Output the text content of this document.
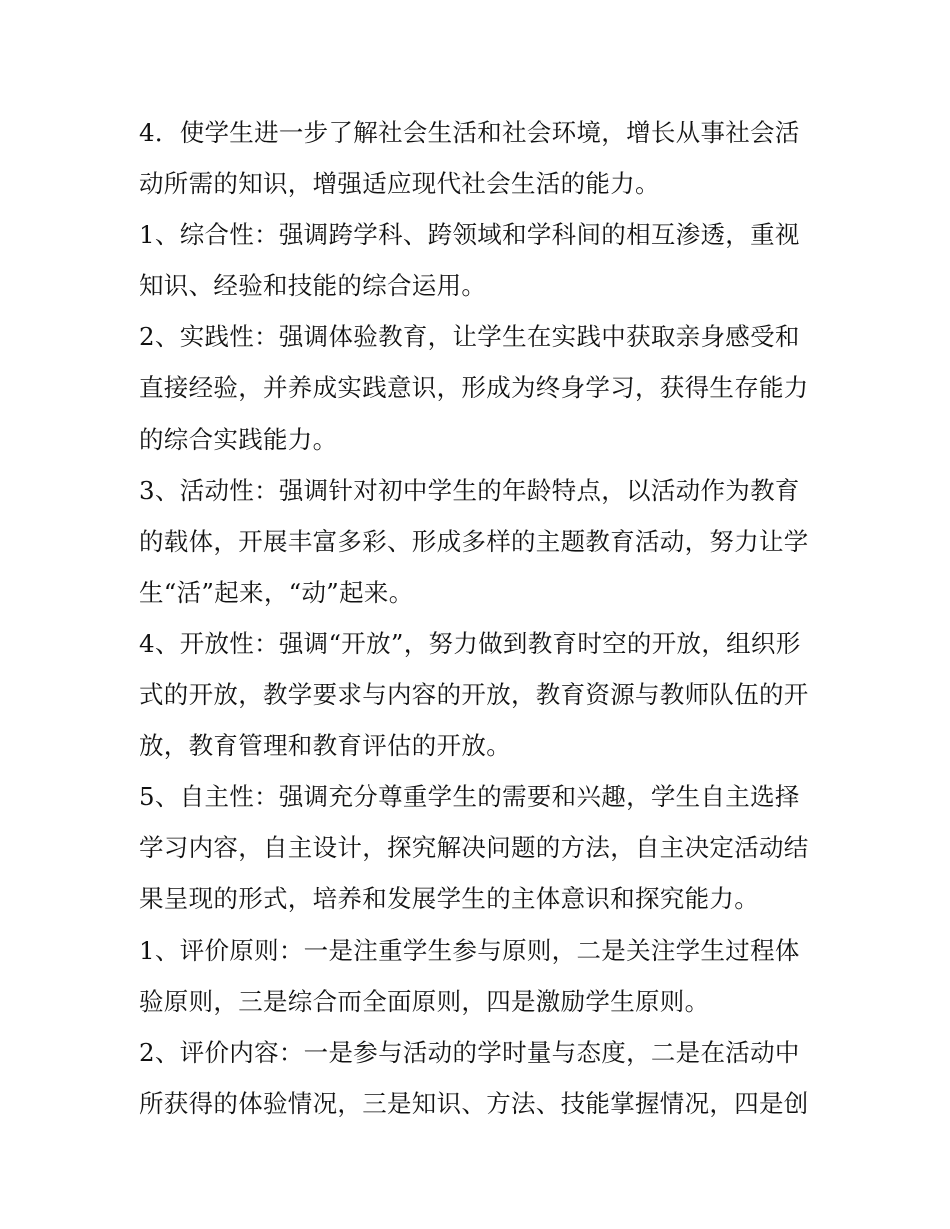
4．使学生进一步了解社会生活和社会环境，增长从事社会活动所需的知识，增强适应现代社会生活的能力。

1、综合性：强调跨学科、跨领域和学科间的相互渗透，重视知识、经验和技能的综合运用。

2、实践性：强调体验教育，让学生在实践中获取亲身感受和直接经验，并养成实践意识，形成为终身学习，获得生存能力的综合实践能力。

3、活动性：强调针对初中学生的年龄特点，以活动作为教育的载体，开展丰富多彩、形成多样的主题教育活动，努力让学生“活”起来，“动”起来。

4、开放性：强调“开放”，努力做到教育时空的开放，组织形式的开放，教学要求与内容的开放，教育资源与教师队伍的开放，教育管理和教育评估的开放。

5、自主性：强调充分尊重学生的需要和兴趣，学生自主选择学习内容，自主设计，探究解决问题的方法，自主决定活动结果呈现的形式，培养和发展学生的主体意识和探究能力。

1、评价原则：一是注重学生参与原则，二是关注学生过程体验原则，三是综合而全面原则，四是激励学生原则。

2、评价内容：一是参与活动的学时量与态度，二是在活动中所获得的体验情况，三是知识、方法、技能掌握情况，四是创
